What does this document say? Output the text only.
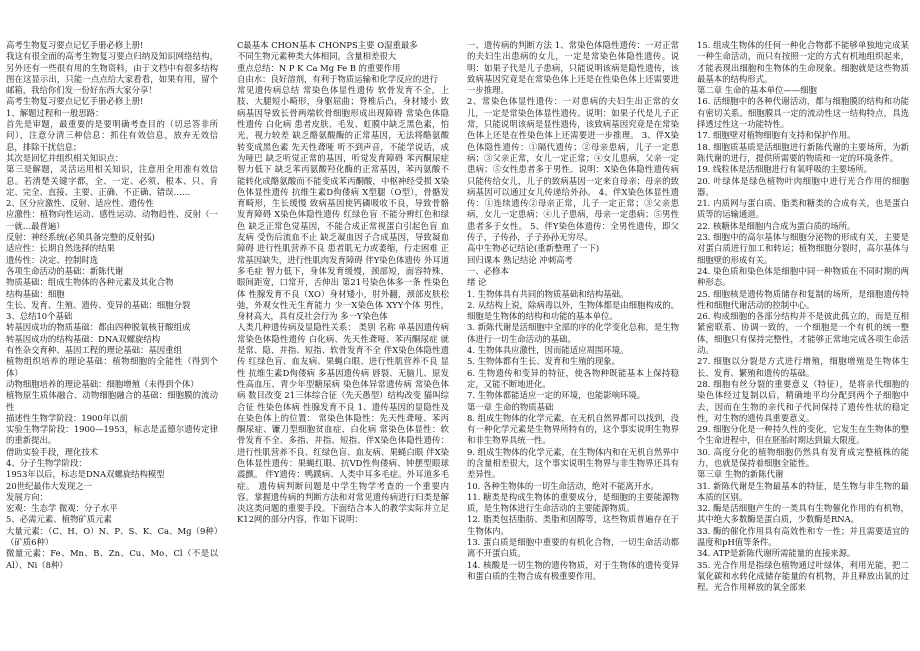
高考生物复习要点记忆手册必修上册!
我这有很全面的高考生物复习要点归纳及知识网络结构，另外还有一些很有用的生物资料，由于文档中有很多结构图在这显示出，只能一点点给大家看看，如果有用，留个邮箱，我给你们发一份好东西大家分享！
高考生物复习要点记忆手册必修上册!
1、解题过程和一般思路：
首先是审题，最重要的是要明确考查目的（切忌答非所问），注意分清三种信息：抓住有效信息，放弃无效信息，排除干扰信息；
其次是回忆并组织相关知识点：
第三是解题，灵活运用相关知识，注意用全用准有效信息。若清楚关键字都，全、一定、必须、根本、只、肯定、完全、直接、主要、正确、不正确、错误……
2、区分应激性、反射、适应性、遗传性
应激性：植物向性运动、感性运动、动物趋性、反射（一一就…最普遍）
反射：神经系统(必须具备完整的反射弧)
适应性：长期自然选择的结果
遗传性：决定、控制时选
各项生命活动的基础：新陈代谢
物质基础：组成生物体的各种元素及其化合物
结构基础：细胞
生长、发育、生殖、遗传、变异的基础：细胞分裂
3、总结10个基础
转基因成功的物质基础：都由四种脱氧核苷酸组成
转基因成功的结构基础：DNA双螺旋结构
有性杂交育种、基因工程的理论基础：基因重组
植物组织培养的理论基础：植物细胞的全能性（得到个体）
动物细胞培养的理论基础：细胞增殖（未得到个体）
植物原生质体融合、动物细胞融合的基础：细胞膜的流动性
描述性生物学阶段：1900年以前
实验生物学阶段：1900—1953，标志是孟德尔遗传定律的重新提出。
借助实验手段，理化技术
4、分子生物学阶段：
1953年以后，标志是DNA双螺旋结构模型
20世纪最伟大发现之一
发展方向：
宏观：生态学 微观：分子水平
5、必需元素、植物矿质元素
大量元素：（C、H、O）N、P、S、K、Ca、Mg（9种）（矿质6种）
微量元素：Fe、Mn、B、Zn、Cu、Mo、Cl（不是以Al）、Ni（8种）
C最基本 CHON基本 CHONPS主要 O湿重最多
不同生物元素种类大体相同，含量相差很大
重点总结：N P K Ca Mg Fe B 的重要作用
自由水：良好溶剂，有利于物质运输和化学反应的进行
常见遗传病总结 常染色体显性遗传 软骨发育不全，上肢、大腿短小畸形，身躯屈曲；脊椎后凸，身材矮小 致病基因导致长骨两端软骨细胞形成出现障碍 常染色体隐性遗传 白化病 患者皮肤、毛发、虹膜中缺乏黑色素，怕光，视力较差 缺乏酪氨酸酶的正常基因，无法将酪氨酸转变成黑色素 先天性聋哑 听不到声音，不能学说话，成为哑巴 缺乏听觉正常的基因，听觉发育障碍 苯丙酮尿症 智力低下 缺乏苯丙氨酸羟化酶的正常基因，苯丙氨酸不能转化成酪氨酸而不能变成苯丙酮酸，中枢神经受损 X染色体显性遗传 抗维生素D佝偻病 X型腿（O型），骨骼发育畸形，生长缓慢 致病基因使钙磷吸收不良，导致骨骼发育障碍 X染色体隐性遗传 红绿色盲 不能分辨红色和绿色 缺乏正常色觉基因，不能合成正常视蛋白引起色盲 血友病 受伤后流血不止 缺乏凝血因子合成基因，导致凝血障碍 进行性肌营养不良 患者肌无力或萎缩，行走困难 正常基因缺失，进行性肌肉发育障碍 伴Y染色体遗传 外耳道多毛症 智力低下，身体发育缓慢，颈部短，面容特殊，眼间距宽，口常开，舌伸出 第21号染色体多一条 性染色体 性腺发育不良（XO）身材矮小，肘外翻，颈部皮肤松弛，外观女性无生育能力 少一X染色体 XYY个体 男性，身材高大，具有反社会行为 多一Y染色体
人类几种遗传病及显隐性关系： 类别 名称 单基因遗传病 常染色体隐性遗传 白化病、先天性聋哑、苯丙酮尿症 就是常、隐、并指、短指、软骨发育不全 伴X染色体隐性遗传 红绿色盲、血友病、果蝇白眼、进行性肌营养不良 显性 抗维生素D佝偻病 多基因遗传病 唇裂、无脑儿、原发性高血压、青少年型糖尿病 染色体异常遗传病 常染色体病 数目改变 21三体综合征（先天愚型）结构改变 猫叫综合征 性染色体病 性腺发育不良 1、遗传基因的显隐性及在染色体上的位置： 常染色体隐性：先天性聋哑、苯丙酮尿症、镰刀型细胞贫血症、白化病 常染色体显性：软骨发育不全、多指、并指、短指、伴X染色体隐性遗传：进行性肌营养不良、红绿色盲、血友病、果蝇白眼 伴X染色体显性遗传：果蝇红眼、抗VD性佝偻病、钟摆型眼球震颤。 伴Y遗传：鸭蹼病、人类中耳多毛症。外耳道多毛症。 遗传病判断问题是中学生物学考查的一个重要内容。掌握遗传病的判断方法和对常见遗传病进行归类是解决这类问题的重要手段。下面结合本人的教学实际并立足K12网的部分内容，作如下说明：
一、遗传病的判断方法 1、常染色体隐性遗传：一对正常的夫妇生出患病的女儿，一定是常染色体隐性遗传。说明：如果子代是儿子患病，只能说明该病是隐性遗传，该致病基因究竟是在常染色体上还是在性染色体上还需要进一步推理。
2、常染色体显性遗传：一对患病的夫妇生出正常的女儿，一定是常染色体显性遗传。说明：如果子代是儿子正常，只能说明该病是显性遗传，该致病基因究竟是在常染色体上还是在性染色体上还需要进一步推理。 3、伴X染色体隐性遗传：①隔代遗传；②母亲患病，儿子一定患病；③父亲正常，女儿一定正常；④女儿患病，父亲一定患病；⑤女性患者多于男性。说明：X染色体隐性遗传病只能传给女儿，儿子的致病基因一定来自母亲；母亲的致病基因可以通过女儿传递给外孙。 4、伴X染色体显性遗传：①连续遗传②母亲正常，儿子一定正常；③父亲患病，女儿一定患病；④儿子患病，母亲一定患病；⑤男性患者多于女性。 5、伴Y染色体遗传：全男性遗传，即父传子，子传孙，子子孙孙无穷尽。
高中生物必记结论(重新整理了一下)
回归课本 熟记结论 冲刺高考
一、必修本
绪 论
1. 生物体具有共同的物质基础和结构基础。
2. 从结构上说，除病毒以外，生物体都是由细胞构成的。细胞是生物体的结构和功能的基本单位。
3. 新陈代谢是活细胞中全部的序的化学变化总称，是生物体进行一切生命活动的基础。
4. 生物体具应激性，因而能适应周围环境。
5. 生物体都有生长、发育和生殖的现象。
6. 生物遗传和变异的特征，使各物种既能基本上保持稳定，又能不断地进化。
7. 生物体都能适应一定的环境，也能影响环境。
第一章 生命的物质基础
8. 组成生物体的化学元素，在无机自然界都可以找到，没有一种化学元素是生物界所特有的，这个事实说明生物界和非生物界具统一性。
9. 组成生物体的化学元素，在生物体内和在无机自然界中的含量相差很大，这个事实说明生物界与非生物界还具有差异性。
10. 各种生物体的一切生命活动，绝对不能离开水。
11. 糖类是构成生物体的重要成分，是细胞的主要能源物质，是生物体进行生命活动的主要能源物质。
12. 脂类包括脂肪、类脂和固醇等，这些物质普遍存在于生物体内。
13. 蛋白质是细胞中重要的有机化合物，一切生命活动都离不开蛋白质。
14. 核酸是一切生物的遗传物质，对于生物体的遗传变异和蛋白质的生物合成有极重要作用。
15. 组成生物体的任何一种化合物都不能够单独地完成某一种生命活动，而只有按照一定的方式有机地组织起来，才能表现出细胞和生物体的生命现象。细胞就是这些物质最基本的结构形式。
第二章 生命的基本单位——细胞
16. 活细胞中的各种代谢活动，都与细胞膜的结构和功能有密切关系。细胞膜具一定的流动性这一结构特点，具选择透过性这一功能特性。
17. 细胞壁对植物细胞有支持和保护作用。
18. 细胞质基质是活细胞进行新陈代谢的主要场所，为新陈代谢的进行，提供所需要的物质和一定的环境条件。
19. 线粒体是活细胞进行有氧呼吸的主要场所。
20. 叶绿体是绿色植物叶肉细胞中进行光合作用的细胞器。
21. 内质网与蛋白质、脂类和糖类的合成有关，也是蛋白质等的运输通道。
22. 核糖体是细胞内合成为蛋白质的场所。
23. 细胞中的高尔基体与细胞分泌物的形成有关，主要是对蛋白质进行加工和转运；植物细胞分裂时，高尔基体与细胞壁的形成有关。
24. 染色质和染色体是细胞中同一种物质在不同时期的两种形态。
25. 细胞核是遗传物质储存和复制的场所，是细胞遗传特性和细胞代谢活动的控制中心。
26. 构成细胞的各部分结构并不是彼此孤立的，而是互相紧密联系、协调一致的，一个细胞是一个有机的统一整体，细胞只有保持完整性，才能够正常地完成各项生命活动。
27. 细胞以分裂是方式进行增殖，细胞增殖是生物体生长、发育、繁殖和遗传的基础。
28. 细胞有丝分裂的重要意义（特征），是将亲代细胞的染色体经过复制以后，精确地平均分配到两个子细胞中去，因而在生物的亲代和子代间保持了遗传性状的稳定性，对生物的遗传具重要意义。
29. 细胞分化是一种持久性的变化，它发生在生物体的整个生命进程中，但在胚胎时期达到最大限度。
30. 高度分化的植物细胞仍然具有发育成完整植株的能力，也就是保持着细胞全能性。
第三章 生物的新陈代谢
31. 新陈代谢是生物最基本的特征，是生物与非生物的最本质的区别。
32. 酶是活细胞产生的一类具有生物催化作用的有机物，其中绝大多数酶是蛋白质，少数酶是RNA。
33. 酶的催化作用具有高效性和专一性；并且需要适宜的温度和pH值等条件。
34. ATP是新陈代谢所需能量的直接来源。
35. 光合作用是指绿色植物通过叶绿体，利用光能，把二氧化碳和水转化成储存能量的有机物，并且释放出氧的过程。光合作用释放的氧全部来
